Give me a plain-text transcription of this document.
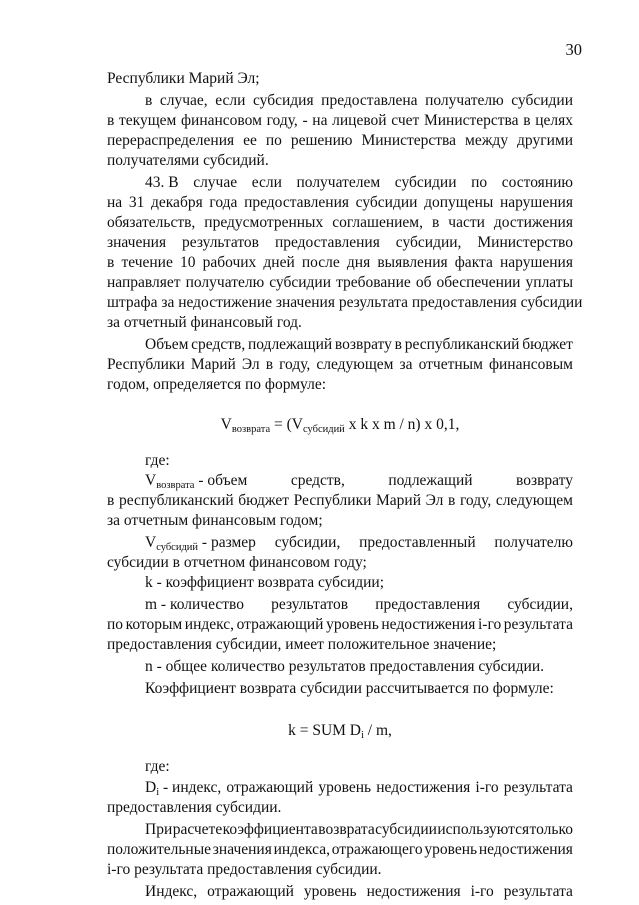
30
Республики Марий Эл;
в случае, если субсидия предоставлена получателю субсидии
в текущем финансовом году, - на лицевой счет Министерства в целях
перераспределения ее по решению Министерства между другими
получателями субсидий.
43. В случае если получателем субсидии по состоянию
на 31 декабря года предоставления субсидии допущены нарушения
обязательств, предусмотренных соглашением, в части достижения
значения результатов предоставления субсидии, Министерство
в течение 10 рабочих дней после дня выявления факта нарушения
направляет получателю субсидии требование об обеспечении уплаты
штрафа за недостижение значения результата предоставления субсидии
за отчетный финансовый год.
Объем средств, подлежащий возврату в республиканский бюджет
Республики Марий Эл в году, следующем за отчетным финансовым
годом, определяется по формуле:
$V_{возврата} = (V_{субсидий}$ x k x m / n) x 0,1,
где:
$V_{возврата}$ - объем	средств,	подлежащий	возврату
в республиканский бюджет Республики Марий Эл в году, следующем
за отчетным финансовым годом;
$V_{субсидий}$ - размер субсидии, предоставленный получателю
субсидии в отчетном финансовом году;
k - коэффициент возврата субсидии;
m - количество результатов предоставления субсидии,
по которым индекс, отражающий уровень недостижения i-го результата
предоставления субсидии, имеет положительное значение;
n - общее количество результатов предоставления субсидии.
Коэффициент возврата субсидии рассчитывается по формуле:
k = SUM $D_i$ / m,
где:
$D_i$ - индекс, отражающий уровень недостижения i-го результата
предоставления субсидии.
При расчете коэффициента возврата субсидии используются только
положительные значения индекса, отражающего уровень недостижения
i-го результата предоставления субсидии.
Индекс, отражающий уровень недостижения i-го результата
